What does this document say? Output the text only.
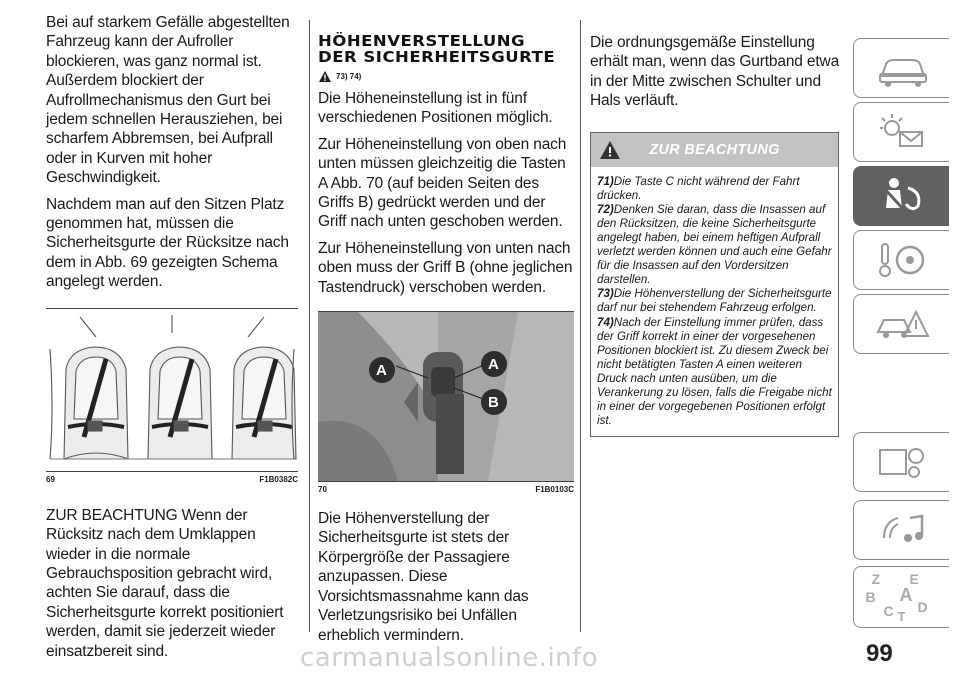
Bei auf starkem Gefälle abgestellten Fahrzeug kann der Aufroller blockieren, was ganz normal ist. Außerdem blockiert der Aufrollmechanismus den Gurt bei jedem schnellen Herausziehen, bei scharfem Abbremsen, bei Aufprall oder in Kurven mit hoher Geschwindigkeit.

Nachdem man auf den Sitzen Platz genommen hat, müssen die Sicherheitsgurte der Rücksitze nach dem in Abb. 69 gezeigten Schema angelegt werden.

69	F1B0382C

ZUR BEACHTUNG Wenn der Rücksitz nach dem Umklappen wieder in die normale Gebrauchsposition gebracht wird, achten Sie darauf, dass die Sicherheitsgurte korrekt positioniert werden, damit sie jederzeit wieder einsatzbereit sind.

HÖHENVERSTELLUNG
DER SICHERHEITSGURTE
73) 74)

Die Höheneinstellung ist in fünf verschiedenen Positionen möglich.

Zur Höheneinstellung von oben nach unten müssen gleichzeitig die Tasten A Abb. 70 (auf beiden Seiten des Griffs B) gedrückt werden und der Griff nach unten geschoben werden.

Zur Höheneinstellung von unten nach oben muss der Griff B (ohne jeglichen Tastendruck) verschoben werden.

A	A
B
70	F1B0103C

Die Höhenverstellung der Sicherheitsgurte ist stets der Körpergröße der Passagiere anzupassen. Diese Vorsichtsmassnahme kann das Verletzungsrisiko bei Unfällen erheblich vermindern.

Die ordnungsgemäße Einstellung erhält man, wenn das Gurtband etwa in der Mitte zwischen Schulter und Hals verläuft.

ZUR BEACHTUNG
71)Die Taste C nicht während der Fahrt drücken.
72)Denken Sie daran, dass die Insassen auf den Rücksitzen, die keine Sicherheitsgurte angelegt haben, bei einem heftigen Aufprall verletzt werden können und auch eine Gefahr für die Insassen auf den Vordersitzen darstellen.
73)Die Höhenverstellung der Sicherheitsgurte darf nur bei stehendem Fahrzeug erfolgen.
74)Nach der Einstellung immer prüfen, dass der Griff korrekt in einer der vorgesehenen Positionen blockiert ist. Zu diesem Zweck bei nicht betätigten Tasten A einen weiteren Druck nach unten ausüben, um die Verankerung zu lösen, falls die Freigabe nicht in einer der vorgegebenen Positionen erfolgt ist.
Z E
A
B
C D
T
99
carmanualsonline.info
